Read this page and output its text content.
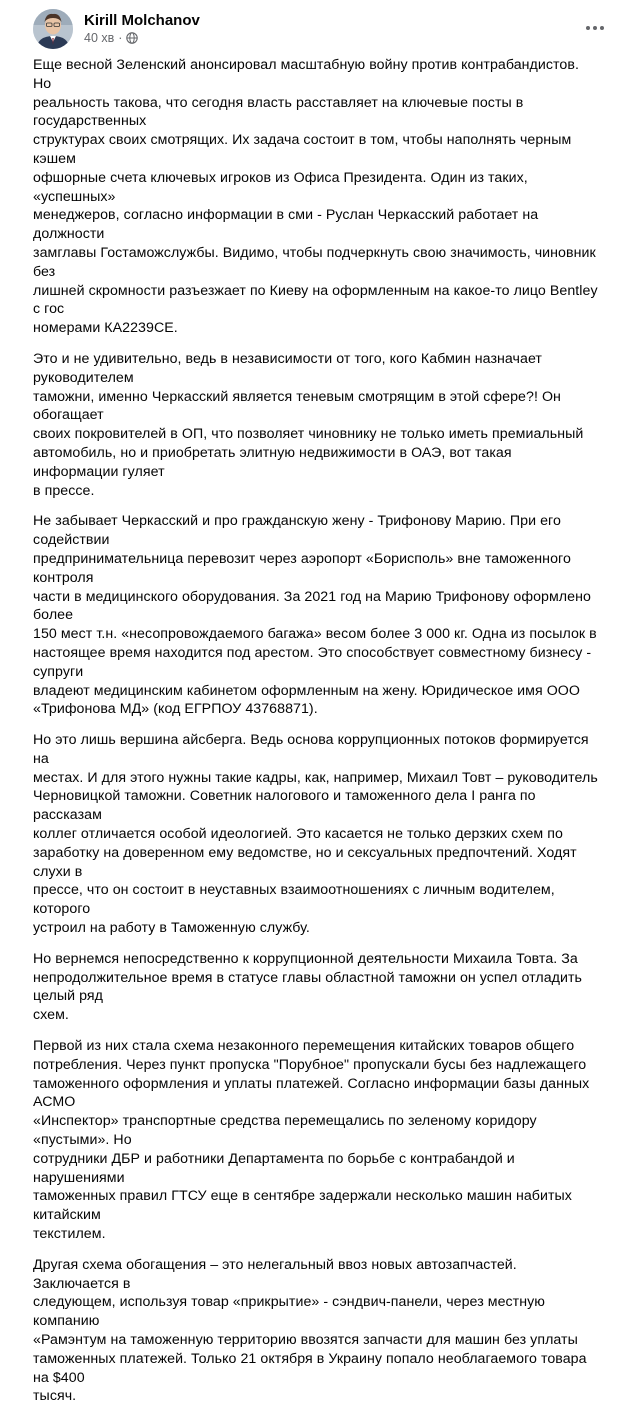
Kirill Molchanov
40 хв ·

Еще весной Зеленский анонсировал масштабную войну против контрабандистов. Но
реальность такова, что сегодня власть расставляет на ключевые посты в государственных
структурах своих смотрящих. Их задача состоит в том, чтобы наполнять черным кэшем
офшорные счета ключевых игроков из Офиса Президента. Один из таких, «успешных»
менеджеров, согласно информации в сми - Руслан Черкасский работает на должности
замглавы Гостаможслужбы. Видимо, чтобы подчеркнуть свою значимость, чиновник без
лишней скромности разъезжает по Киеву на оформленным на какое-то лицо Bentley с гос
номерами КА2239СЕ.

Это и не удивительно, ведь в независимости от того, кого Кабмин назначает руководителем
таможни, именно Черкасский является теневым смотрящим в этой сфере?! Он обогащает
своих покровителей в ОП, что позволяет чиновнику не только иметь премиальный
автомобиль, но и приобретать элитную недвижимости в ОАЭ, вот такая информации гуляет
в прессе.

Не забывает Черкасский и про гражданскую жену - Трифонову Марию. При его содействии
предпринимательница перевозит через аэропорт «Борисполь» вне таможенного контроля
части в медицинского оборудования. За 2021 год на Марию Трифонову оформлено более
150 мест т.н. «несопровождаемого багажа» весом более 3 000 кг. Одна из посылок в
настоящее время находится под арестом. Это способствует совместному бизнесу - супруги
владеют медицинским кабинетом оформленным на жену. Юридическое имя ООО
«Трифонова МД» (код ЕГРПОУ 43768871).

Но это лишь вершина айсберга. Ведь основа коррупционных потоков формируется на
местах. И для этого нужны такие кадры, как, например, Михаил Товт – руководитель
Черновицкой таможни. Советник налогового и таможенного дела I ранга по рассказам
коллег отличается особой идеологией. Это касается не только дерзких схем по
заработку на доверенном ему ведомстве, но и сексуальных предпочтений. Ходят слухи в
прессе, что он состоит в неуставных взаимоотношениях с личным водителем, которого
устроил на работу в Таможенную службу.

Но вернемся непосредственно к коррупционной деятельности Михаила Товта. За
непродолжительное время в статусе главы областной таможни он успел отладить целый ряд
схем.

Первой из них стала схема незаконного перемещения китайских товаров общего
потребления. Через пункт пропуска "Порубное" пропускали бусы без надлежащего
таможенного оформления и уплаты платежей. Согласно информации базы данных АСМО
«Инспектор» транспортные средства перемещались по зеленому коридору «пустыми». Но
сотрудники ДБР и работники Департамента по борьбе с контрабандой и нарушениями
таможенных правил ГТСУ еще в сентябре задержали несколько машин набитых китайским
текстилем.

Другая схема обогащения – это нелегальный ввоз новых автозапчастей. Заключается в
следующем, используя товар «прикрытие» - сэндвич-панели, через местную компанию
«Рамэнтум на таможенную территорию ввозятся запчасти для машин без уплаты
таможенных платежей. Только 21 октября в Украину попало необлагаемого товара на $400
тысяч.
